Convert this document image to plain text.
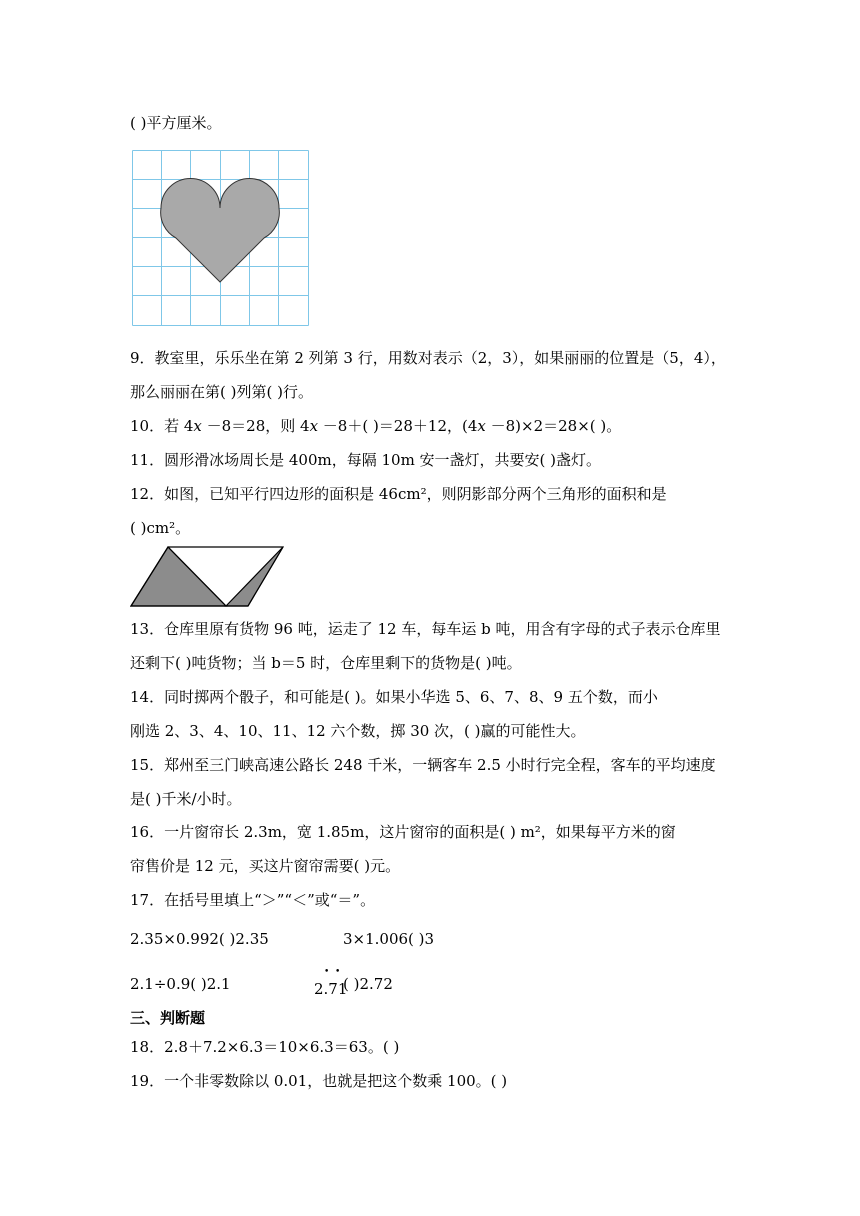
( )平方厘米。
9．教室里，乐乐坐在第 2 列第 3 行，用数对表示（2，3），如果丽丽的位置是（5，4），
那么丽丽在第( )列第( )行。
10．若 4𝑥 －8＝28，则 4𝑥 －8＋( )＝28＋12，(4𝑥 －8)×2＝28×( )。
11．圆形滑冰场周长是 400m，每隔 10m 安一盏灯，共要安( )盏灯。
12．如图，已知平行四边形的面积是 46cm²，则阴影部分两个三角形的面积和是
( )cm²。
13．仓库里原有货物 96 吨，运走了 12 车，每车运 b 吨，用含有字母的式子表示仓库里
还剩下( )吨货物；当 b＝5 时，仓库里剩下的货物是( )吨。
14．同时掷两个骰子，和可能是( )。如果小华选 5、6、7、8、9 五个数，而小
刚选 2、3、4、10、11、12 六个数，掷 30 次，( )赢的可能性大。
15．郑州至三门峡高速公路长 248 千米，一辆客车 2.5 小时行完全程，客车的平均速度
是( )千米/小时。
16．一片窗帘长 2.3m，宽 1.85m，这片窗帘的面积是( ) m²，如果每平方米的窗
帘售价是 12 元，买这片窗帘需要( )元。
17．在括号里填上“＞”“＜”或“＝”。
2.35×0.992( )2.35	3×1.006( )3
2.1÷0.9( )2.1
•  •
2.71
( )2.72
三、判断题
18．2.8＋7.2×6.3＝10×6.3＝63。( )
19．一个非零数除以 0.01，也就是把这个数乘 100。( )
